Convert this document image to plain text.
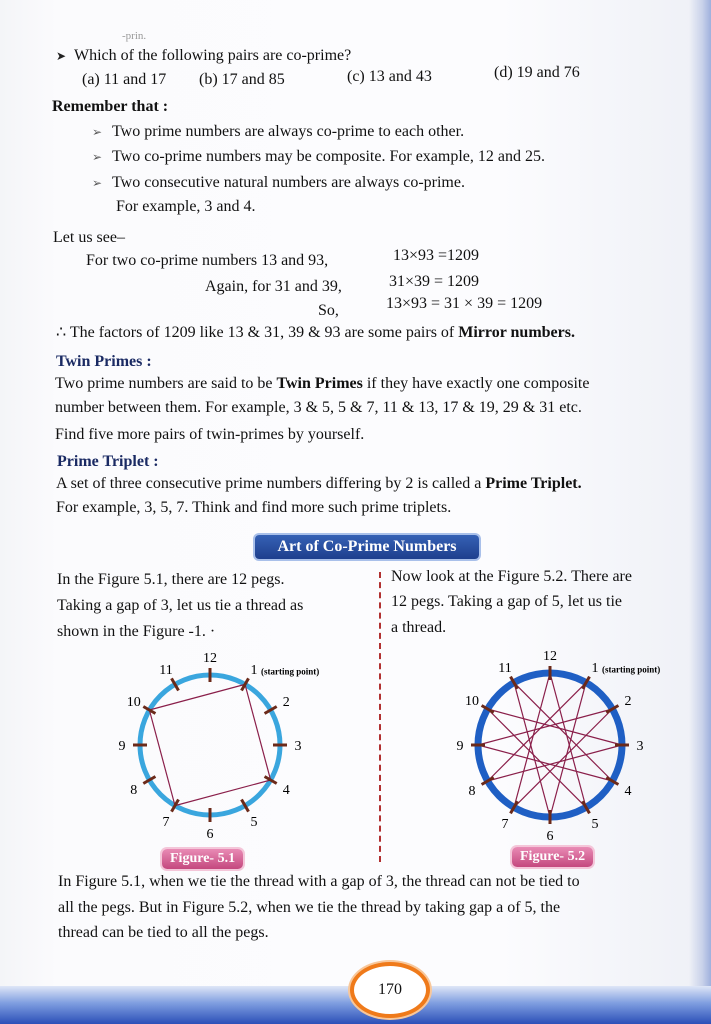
-prin.
➤ Which of the following pairs are co-prime?
(a) 11 and 17 (b) 17 and 85	(c) 13 and 43	(d) 19 and 76
Remember that :
➢ Two prime numbers are always co-prime to each other.
➢ Two co-prime numbers may be composite. For example, 12 and 25.
➢ Two consecutive natural numbers are always co-prime.
For example, 3 and 4.
Let us see–
For two co-prime numbers 13 and 93,	13×93 =1209
Again, for 31 and 39,	31×39 = 1209
So,	13×93 = 31 × 39 = 1209
∴ The factors of 1209 like 13 & 31, 39 & 93 are some pairs of Mirror numbers.
Twin Primes :
Two prime numbers are said to be Twin Primes if they have exactly one composite
number between them. For example, 3 & 5, 5 & 7, 11 & 13, 17 & 19, 29 & 31 etc.
Find five more pairs of twin-primes by yourself.
Prime Triplet :
A set of three consecutive prime numbers differing by 2 is called a Prime Triplet.
For example, 3, 5, 7. Think and find more such prime triplets.
Art of Co-Prime Numbers
In the Figure 5.1, there are 12 pegs.
Taking a gap of 3, let us tie a thread as
shown in the Figure -1. ·
Now look at the Figure 5.2. There are
12 pegs. Taking a gap of 5, let us tie
a thread.
12
1
2
3
4
5
6
7
8
9
10
11	(starting point)
12
1
2
3
4
5
6
7
8
9
10
11	(starting point)
Figure- 5.1	Figure- 5.2
In Figure 5.1, when we tie the thread with a gap of 3, the thread can not be tied to
all the pegs. But in Figure 5.2, when we tie the thread by taking gap a of 5, the
thread can be tied to all the pegs.
170
